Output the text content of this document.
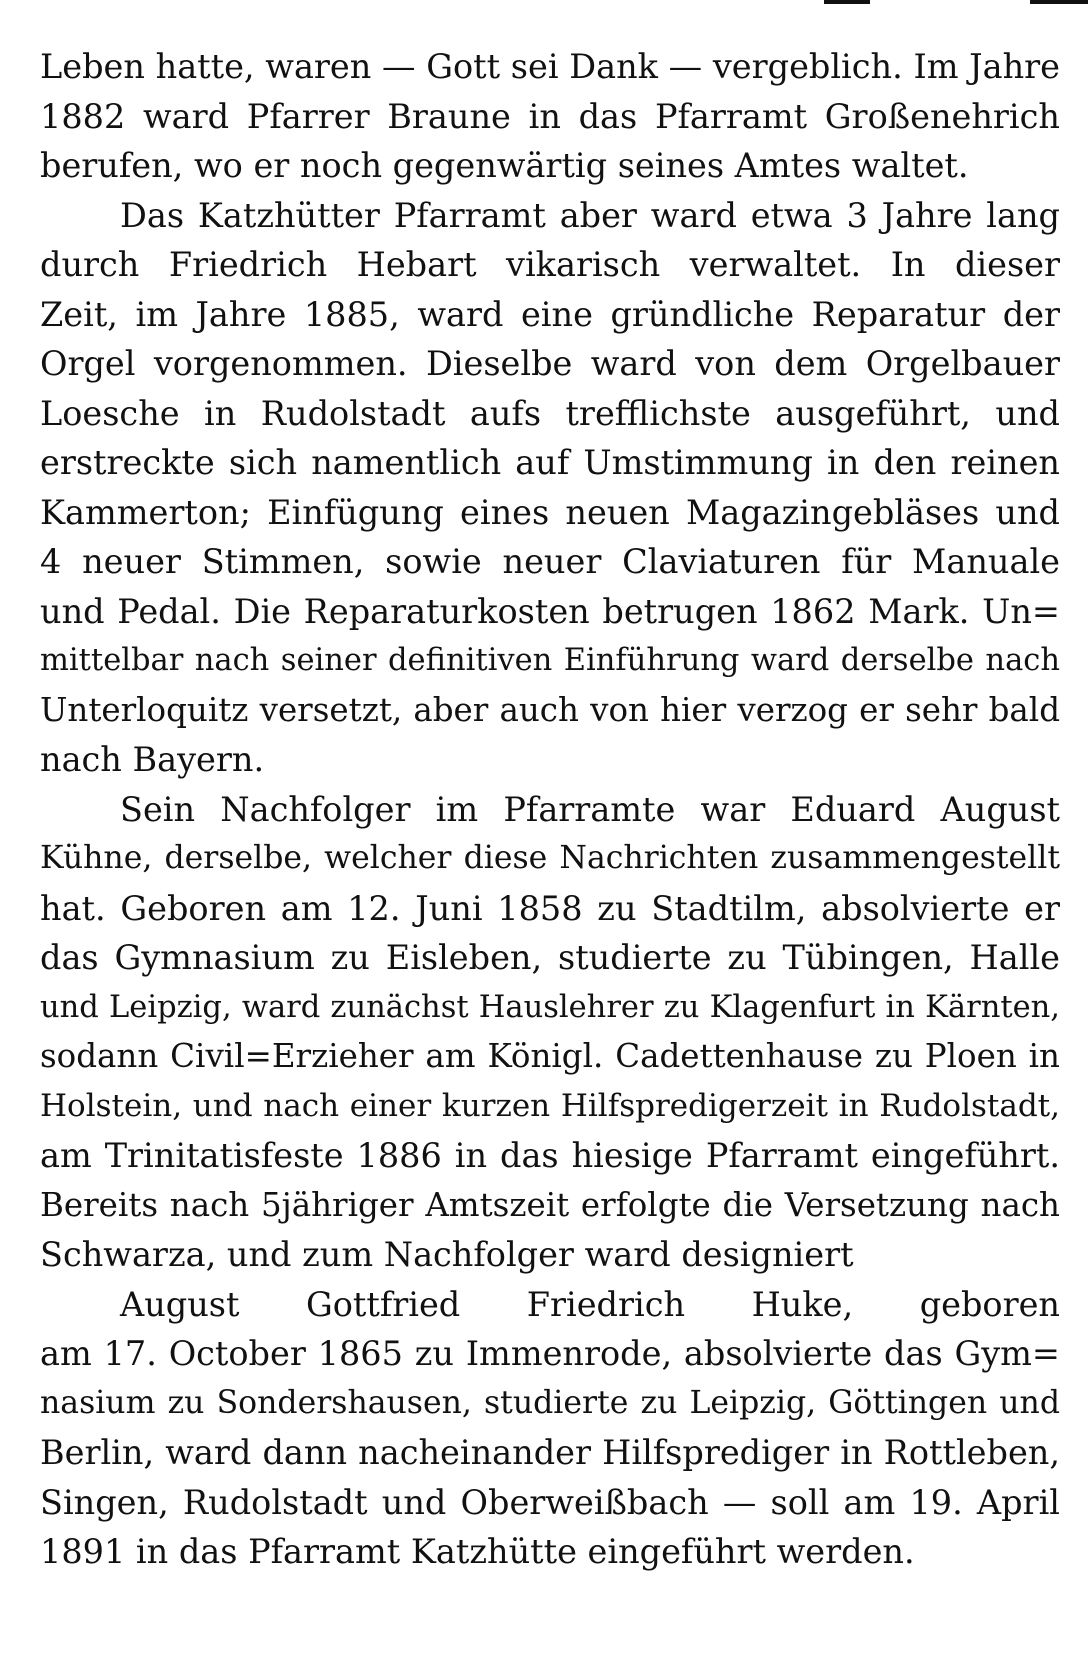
Leben hatte, waren — Gott sei Dank — vergeblich. Im Jahre
1882 ward Pfarrer Braune in das Pfarramt Großenehrich
berufen, wo er noch gegenwärtig seines Amtes waltet.
Das Katzhütter Pfarramt aber ward etwa 3 Jahre lang
durch Friedrich Hebart vikarisch verwaltet. In dieser
Zeit, im Jahre 1885, ward eine gründliche Reparatur der
Orgel vorgenommen. Dieselbe ward von dem Orgelbauer
Loesche in Rudolstadt aufs trefflichste ausgeführt, und
erstreckte sich namentlich auf Umstimmung in den reinen
Kammerton; Einfügung eines neuen Magazingebläses und
4 neuer Stimmen, sowie neuer Claviaturen für Manuale
und Pedal. Die Reparaturkosten betrugen 1862 Mark. Un=
mittelbar nach seiner definitiven Einführung ward derselbe nach
Unterloquitz versetzt, aber auch von hier verzog er sehr bald
nach Bayern.
Sein Nachfolger im Pfarramte war Eduard August
Kühne, derselbe, welcher diese Nachrichten zusammengestellt
hat. Geboren am 12. Juni 1858 zu Stadtilm, absolvierte er
das Gymnasium zu Eisleben, studierte zu Tübingen, Halle
und Leipzig, ward zunächst Hauslehrer zu Klagenfurt in Kärnten,
sodann Civil=Erzieher am Königl. Cadettenhause zu Ploen in
Holstein, und nach einer kurzen Hilfspredigerzeit in Rudolstadt,
am Trinitatisfeste 1886 in das hiesige Pfarramt eingeführt.
Bereits nach 5jähriger Amtszeit erfolgte die Versetzung nach
Schwarza, und zum Nachfolger ward designiert
August Gottfried Friedrich Huke, geboren
am 17. October 1865 zu Immenrode, absolvierte das Gym=
nasium zu Sondershausen, studierte zu Leipzig, Göttingen und
Berlin, ward dann nacheinander Hilfsprediger in Rottleben,
Singen, Rudolstadt und Oberweißbach — soll am 19. April
1891 in das Pfarramt Katzhütte eingeführt werden.
